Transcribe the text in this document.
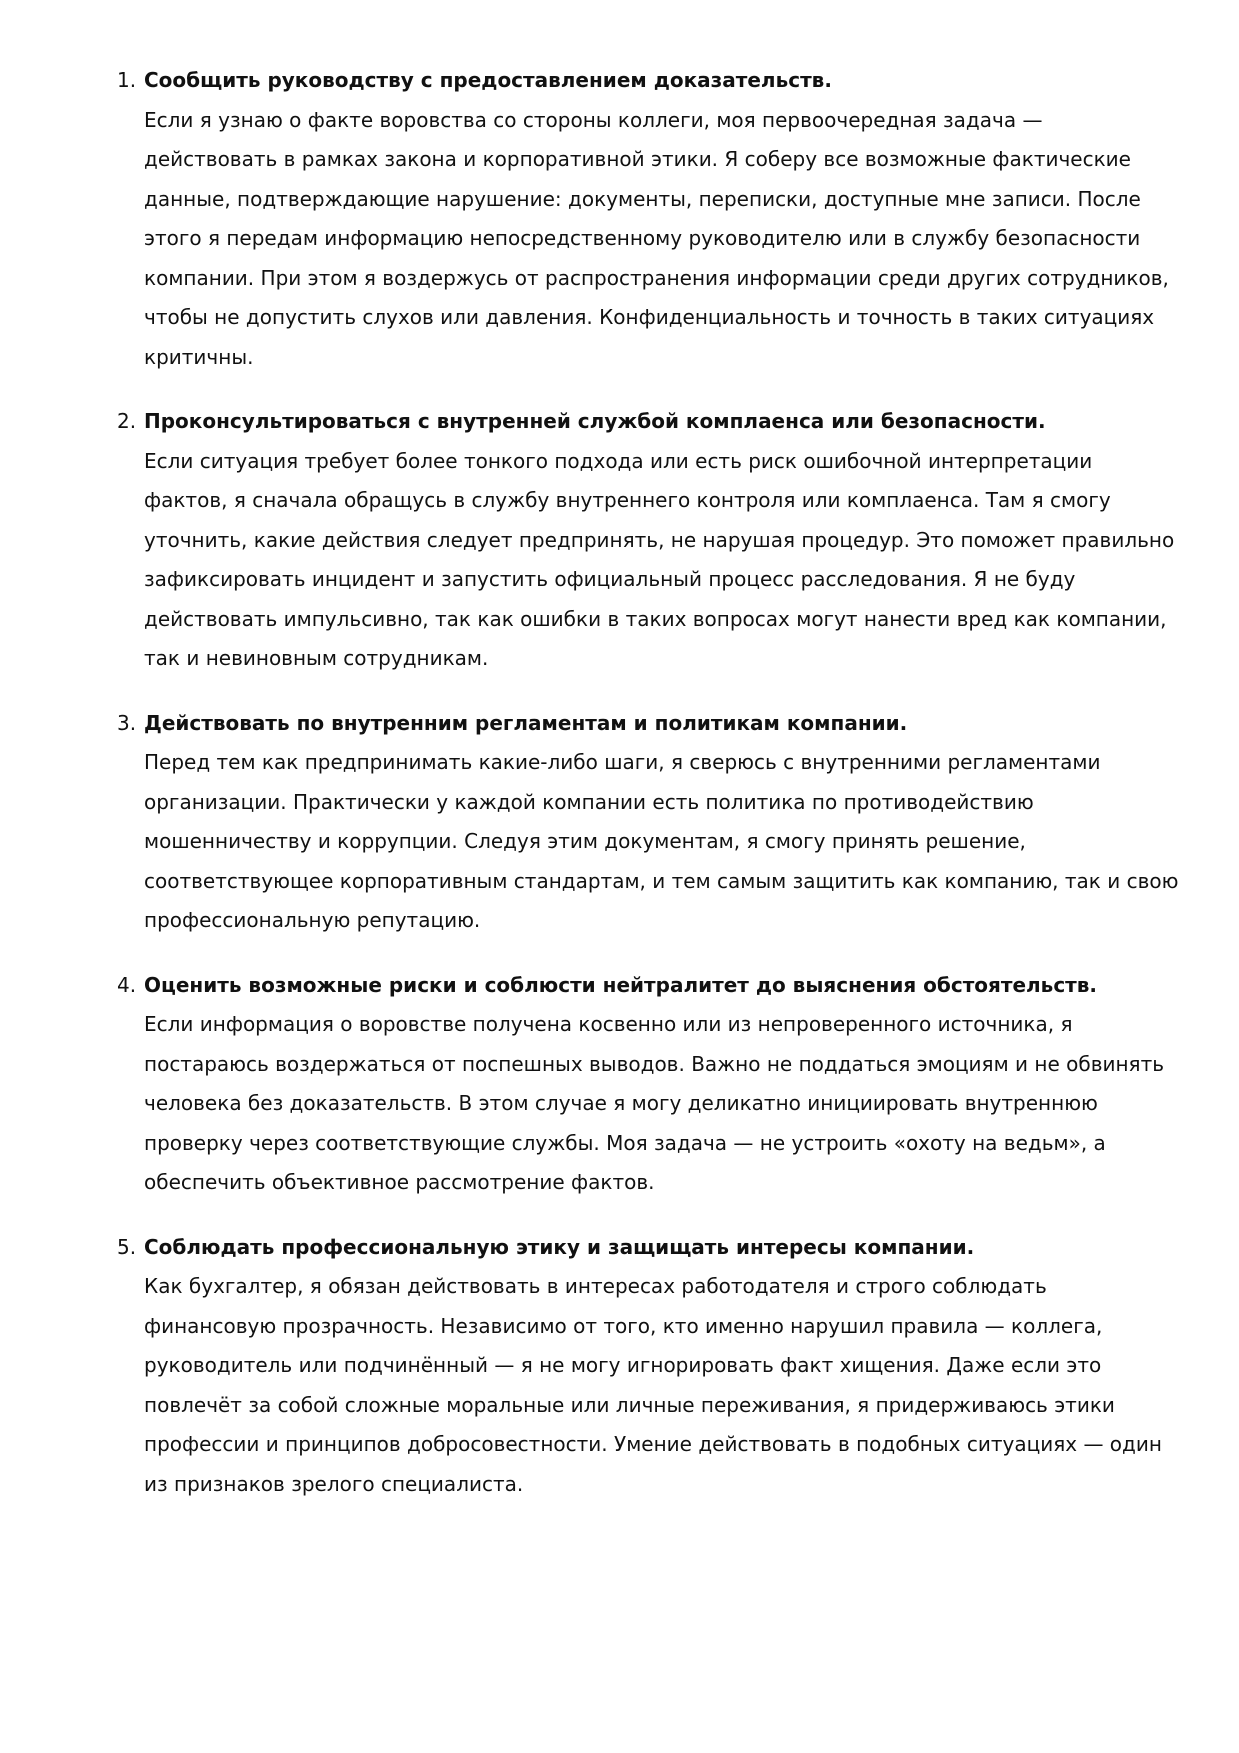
1. Сообщить руководству с предоставлением доказательств.
Если я узнаю о факте воровства со стороны коллеги, моя первоочередная задача — действовать в рамках закона и корпоративной этики. Я соберу все возможные фактические данные, подтверждающие нарушение: документы, переписки, доступные мне записи. После этого я передам информацию непосредственному руководителю или в службу безопасности компании. При этом я воздержусь от распространения информации среди других сотрудников, чтобы не допустить слухов или давления. Конфиденциальность и точность в таких ситуациях критичны.
2. Проконсультироваться с внутренней службой комплаенса или безопасности.
Если ситуация требует более тонкого подхода или есть риск ошибочной интерпретации фактов, я сначала обращусь в службу внутреннего контроля или комплаенса. Там я смогу уточнить, какие действия следует предпринять, не нарушая процедур. Это поможет правильно зафиксировать инцидент и запустить официальный процесс расследования. Я не буду действовать импульсивно, так как ошибки в таких вопросах могут нанести вред как компании, так и невиновным сотрудникам.
3. Действовать по внутренним регламентам и политикам компании.
Перед тем как предпринимать какие-либо шаги, я сверюсь с внутренними регламентами организации. Практически у каждой компании есть политика по противодействию мошенничеству и коррупции. Следуя этим документам, я смогу принять решение, соответствующее корпоративным стандартам, и тем самым защитить как компанию, так и свою профессиональную репутацию.
4. Оценить возможные риски и соблюсти нейтралитет до выяснения обстоятельств.
Если информация о воровстве получена косвенно или из непроверенного источника, я постараюсь воздержаться от поспешных выводов. Важно не поддаться эмоциям и не обвинять человека без доказательств. В этом случае я могу деликатно инициировать внутреннюю проверку через соответствующие службы. Моя задача — не устроить «охоту на ведьм», а обеспечить объективное рассмотрение фактов.
5. Соблюдать профессиональную этику и защищать интересы компании.
Как бухгалтер, я обязан действовать в интересах работодателя и строго соблюдать финансовую прозрачность. Независимо от того, кто именно нарушил правила — коллега, руководитель или подчинённый — я не могу игнорировать факт хищения. Даже если это повлечёт за собой сложные моральные или личные переживания, я придерживаюсь этики профессии и принципов добросовестности. Умение действовать в подобных ситуациях — один из признаков зрелого специалиста.
